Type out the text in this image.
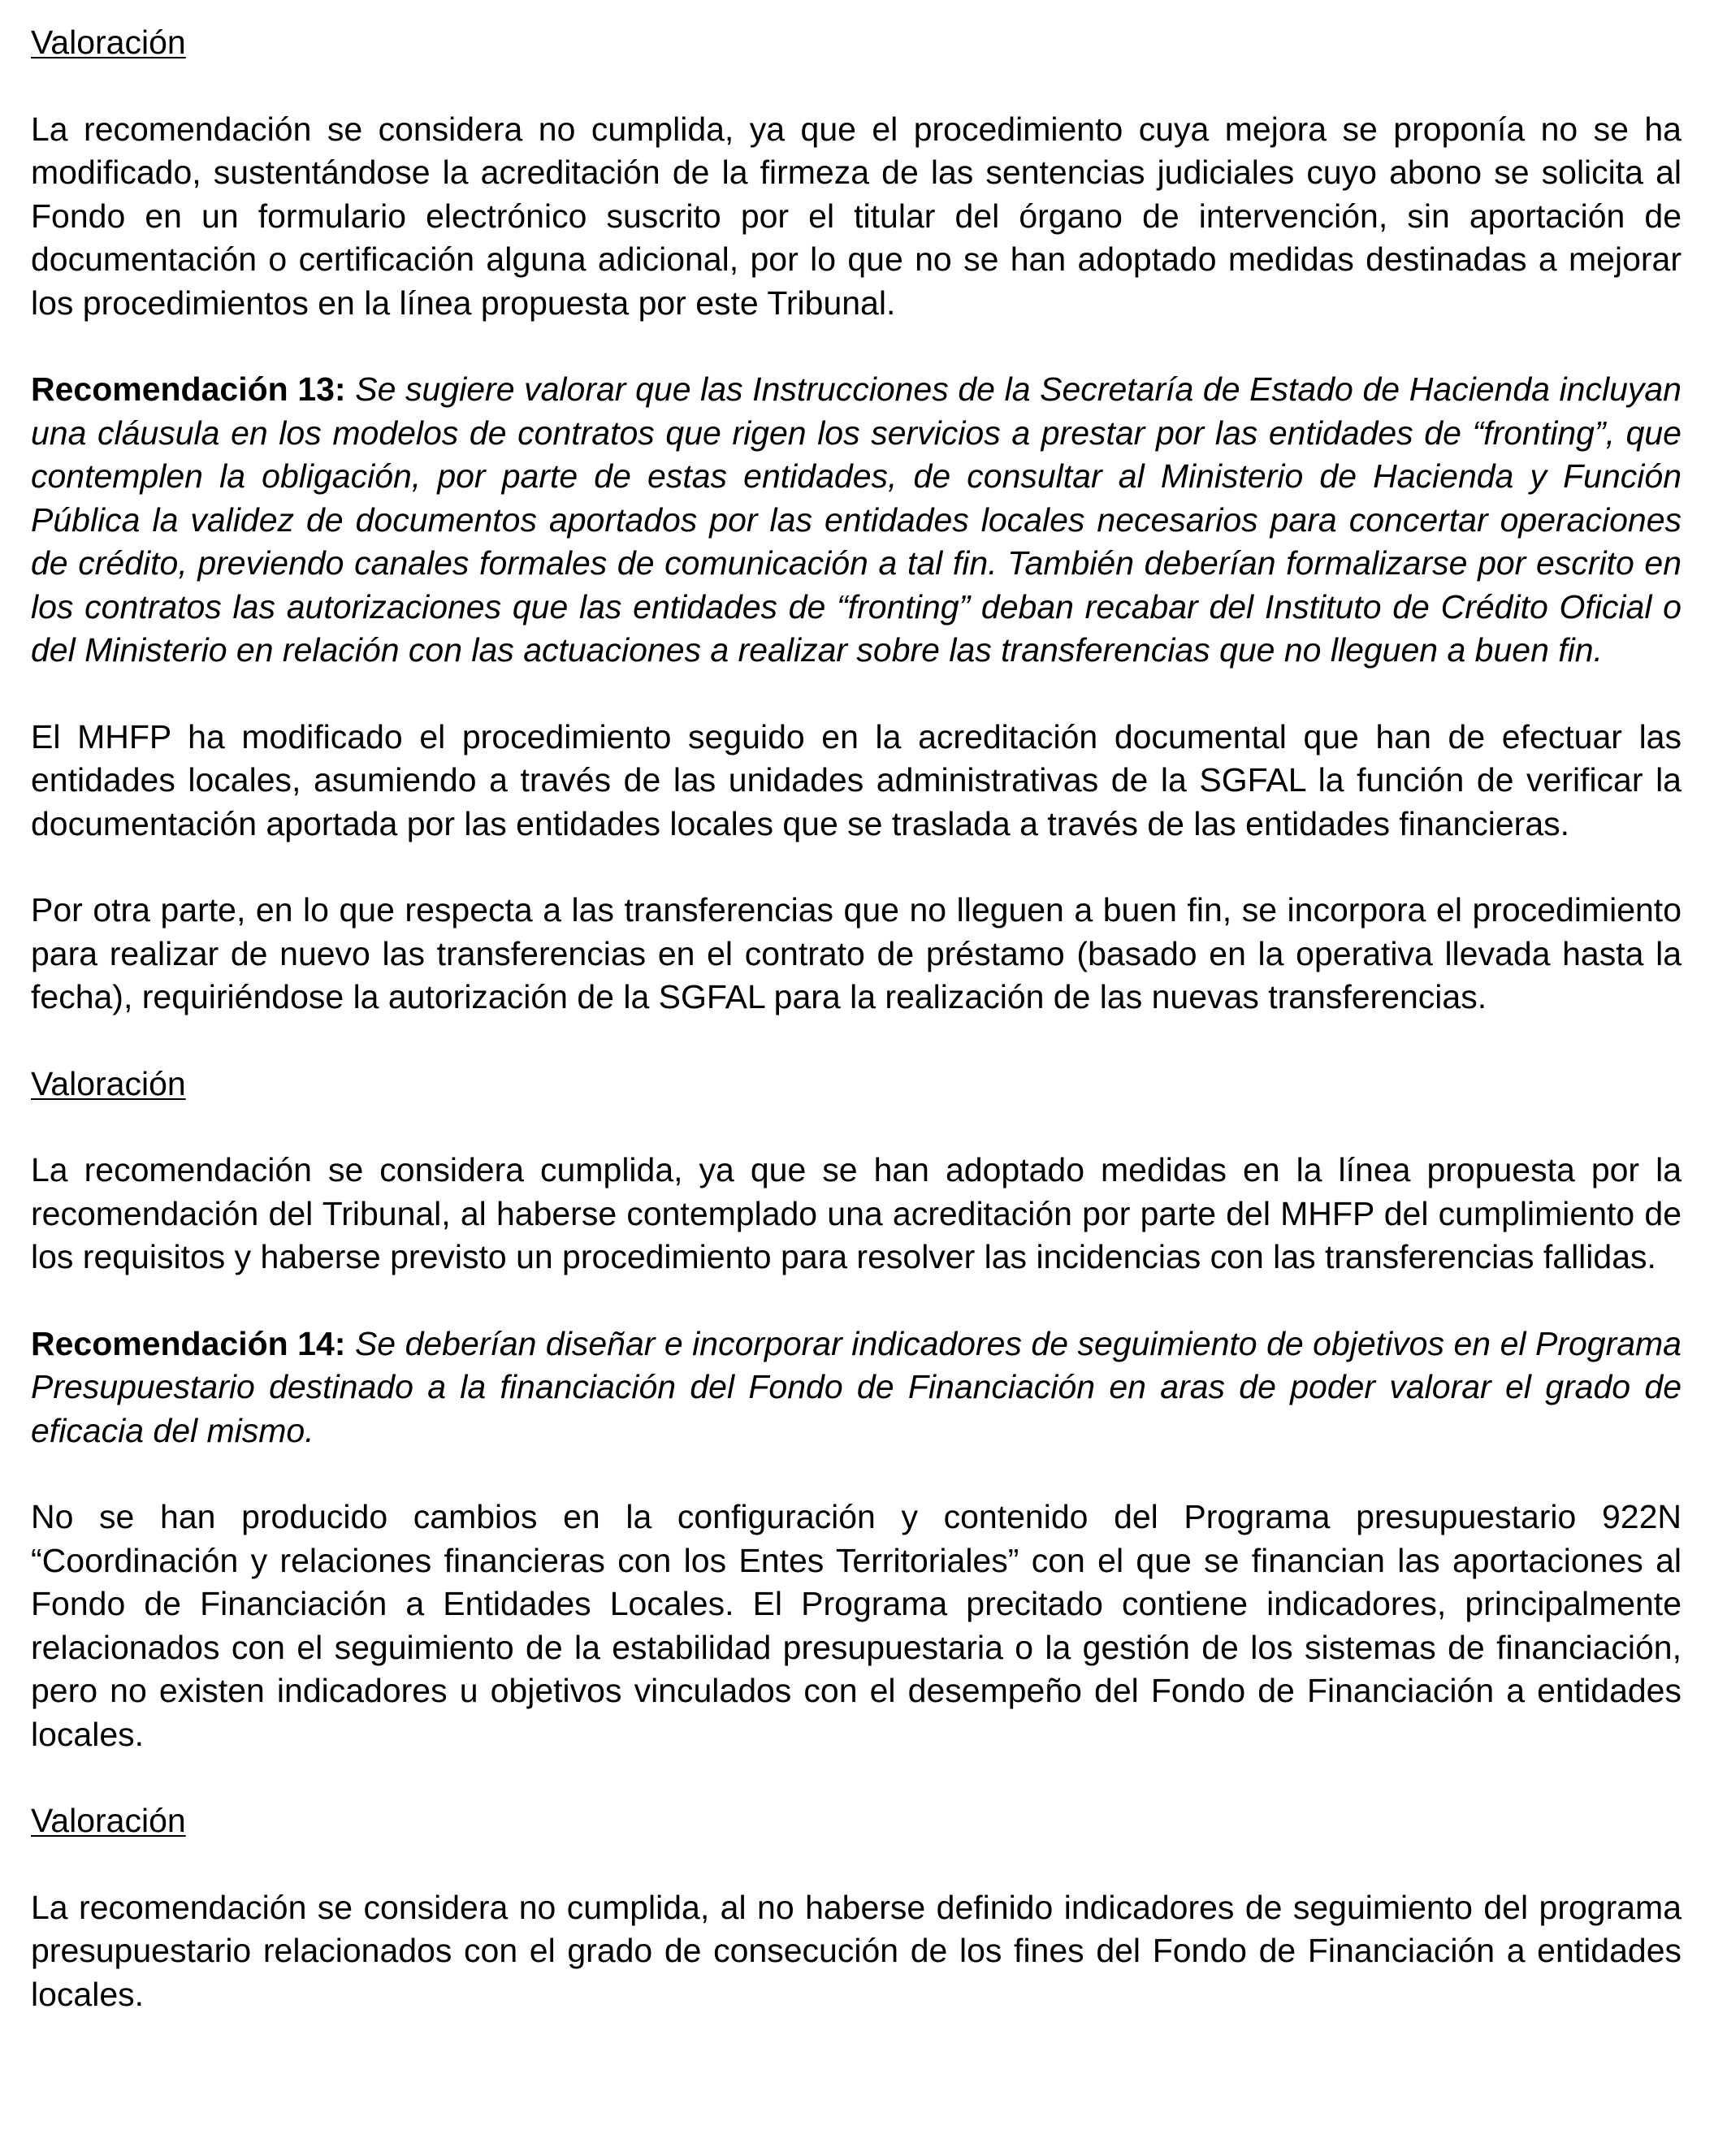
Valoración

La recomendación se considera no cumplida, ya que el procedimiento cuya mejora se proponía no se ha modificado, sustentándose la acreditación de la firmeza de las sentencias judiciales cuyo abono se solicita al Fondo en un formulario electrónico suscrito por el titular del órgano de intervención, sin aportación de documentación o certificación alguna adicional, por lo que no se han adoptado medidas destinadas a mejorar los procedimientos en la línea propuesta por este Tribunal.

Recomendación 13: Se sugiere valorar que las Instrucciones de la Secretaría de Estado de Hacienda incluyan una cláusula en los modelos de contratos que rigen los servicios a prestar por las entidades de “fronting”, que contemplen la obligación, por parte de estas entidades, de consultar al Ministerio de Hacienda y Función Pública la validez de documentos aportados por las entidades locales necesarios para concertar operaciones de crédito, previendo canales formales de comunicación a tal fin. También deberían formalizarse por escrito en los contratos las autorizaciones que las entidades de “fronting” deban recabar del Instituto de Crédito Oficial o del Ministerio en relación con las actuaciones a realizar sobre las transferencias que no lleguen a buen fin.

El MHFP ha modificado el procedimiento seguido en la acreditación documental que han de efectuar las entidades locales, asumiendo a través de las unidades administrativas de la SGFAL la función de verificar la documentación aportada por las entidades locales que se traslada a través de las entidades financieras.

Por otra parte, en lo que respecta a las transferencias que no lleguen a buen fin, se incorpora el procedimiento para realizar de nuevo las transferencias en el contrato de préstamo (basado en la operativa llevada hasta la fecha), requiriéndose la autorización de la SGFAL para la realización de las nuevas transferencias.

Valoración

La recomendación se considera cumplida, ya que se han adoptado medidas en la línea propuesta por la recomendación del Tribunal, al haberse contemplado una acreditación por parte del MHFP del cumplimiento de los requisitos y haberse previsto un procedimiento para resolver las incidencias con las transferencias fallidas.

Recomendación 14: Se deberían diseñar e incorporar indicadores de seguimiento de objetivos en el Programa Presupuestario destinado a la financiación del Fondo de Financiación en aras de poder valorar el grado de eficacia del mismo.

No se han producido cambios en la configuración y contenido del Programa presupuestario 922N “Coordinación y relaciones financieras con los Entes Territoriales” con el que se financian las aportaciones al Fondo de Financiación a Entidades Locales. El Programa precitado contiene indicadores, principalmente relacionados con el seguimiento de la estabilidad presupuestaria o la gestión de los sistemas de financiación, pero no existen indicadores u objetivos vinculados con el desempeño del Fondo de Financiación a entidades locales.

Valoración

La recomendación se considera no cumplida, al no haberse definido indicadores de seguimiento del programa presupuestario relacionados con el grado de consecución de los fines del Fondo de Financiación a entidades locales.
